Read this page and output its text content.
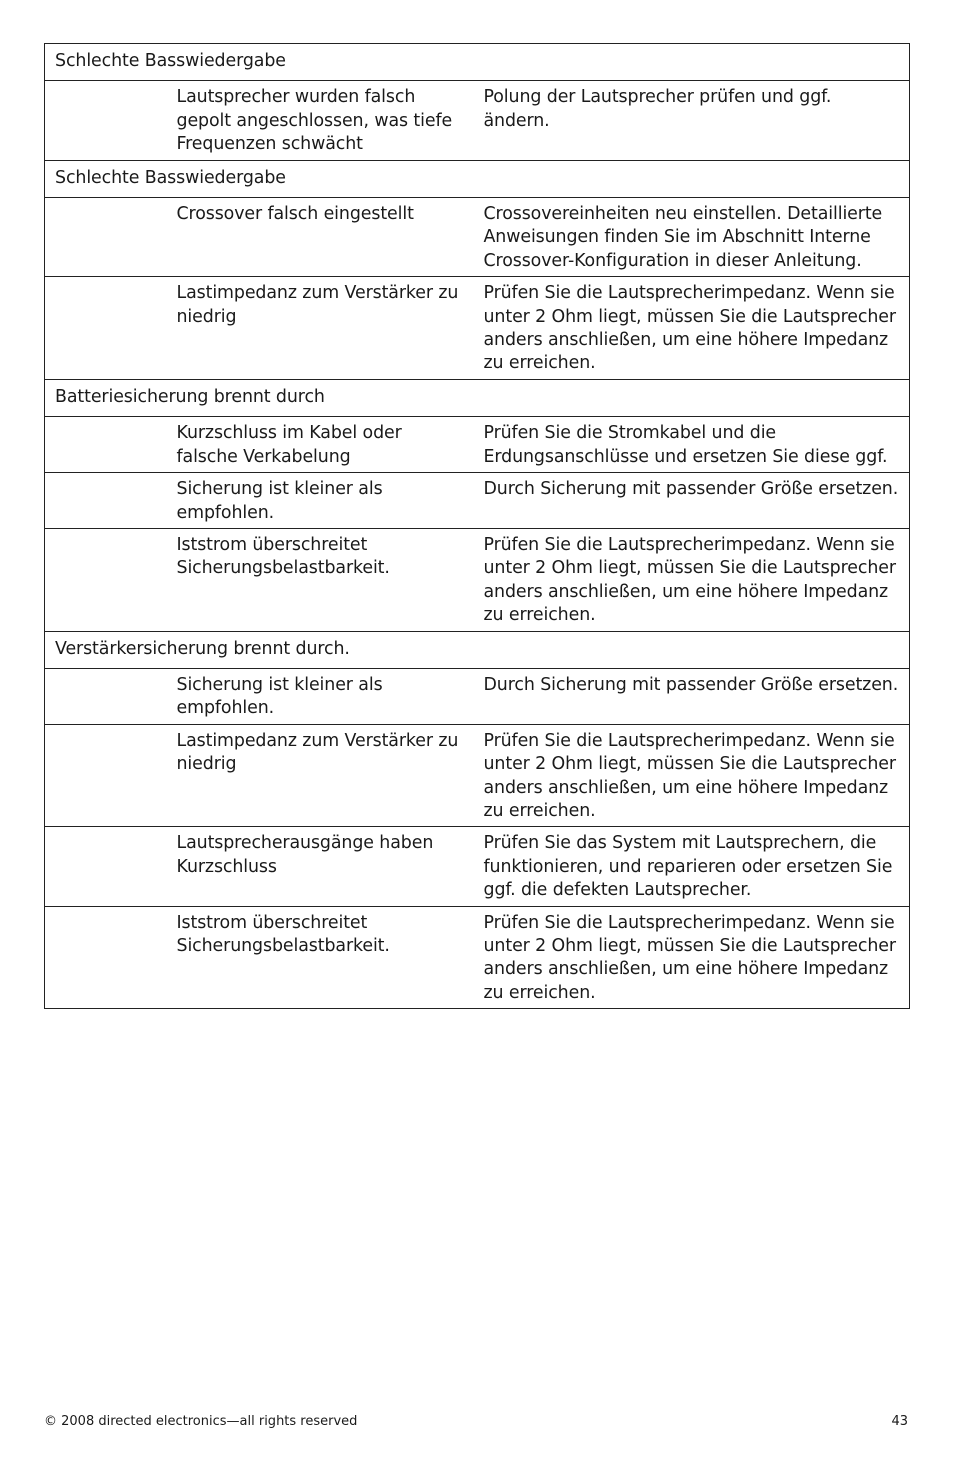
Schlechte Basswiedergabe		
	Lautsprecher wurden falsch gepolt angeschlossen, was tiefe Frequenzen schwächt	Polung der Lautsprecher prüfen und ggf. ändern.
Schlechte Basswiedergabe		
	Crossover falsch eingestellt	Crossovereinheiten neu einstellen. Detaillierte Anweisungen finden Sie im Abschnitt Interne Crossover-Konfiguration in dieser Anleitung.
	Lastimpedanz zum Verstärker zu niedrig	Prüfen Sie die Lautsprecherimpedanz. Wenn sie unter 2 Ohm liegt, müssen Sie die Lautsprecher anders anschließen, um eine höhere Impedanz zu erreichen.
Batteriesicherung brennt durch		
	Kurzschluss im Kabel oder falsche Verkabelung	Prüfen Sie die Stromkabel und die Erdungsanschlüsse und ersetzen Sie diese ggf.
	Sicherung ist kleiner als empfohlen.	Durch Sicherung mit passender Größe ersetzen.
	Iststrom überschreitet Sicherungsbelastbarkeit.	Prüfen Sie die Lautsprecherimpedanz. Wenn sie unter 2 Ohm liegt, müssen Sie die Lautsprecher anders anschließen, um eine höhere Impedanz zu erreichen.
Verstärkersicherung brennt durch.		
	Sicherung ist kleiner als empfohlen.	Durch Sicherung mit passender Größe ersetzen.
	Lastimpedanz zum Verstärker zu niedrig	Prüfen Sie die Lautsprecherimpedanz. Wenn sie unter 2 Ohm liegt, müssen Sie die Lautsprecher anders anschließen, um eine höhere Impedanz zu erreichen.
	Lautsprecherausgänge haben Kurzschluss	Prüfen Sie das System mit Lautsprechern, die funktionieren, und reparieren oder ersetzen Sie ggf. die defekten Lautsprecher.
	Iststrom überschreitet Sicherungsbelastbarkeit.	Prüfen Sie die Lautsprecherimpedanz. Wenn sie unter 2 Ohm liegt, müssen Sie die Lautsprecher anders anschließen, um eine höhere Impedanz zu erreichen.
© 2008 directed electronics—all rights reserved	43
